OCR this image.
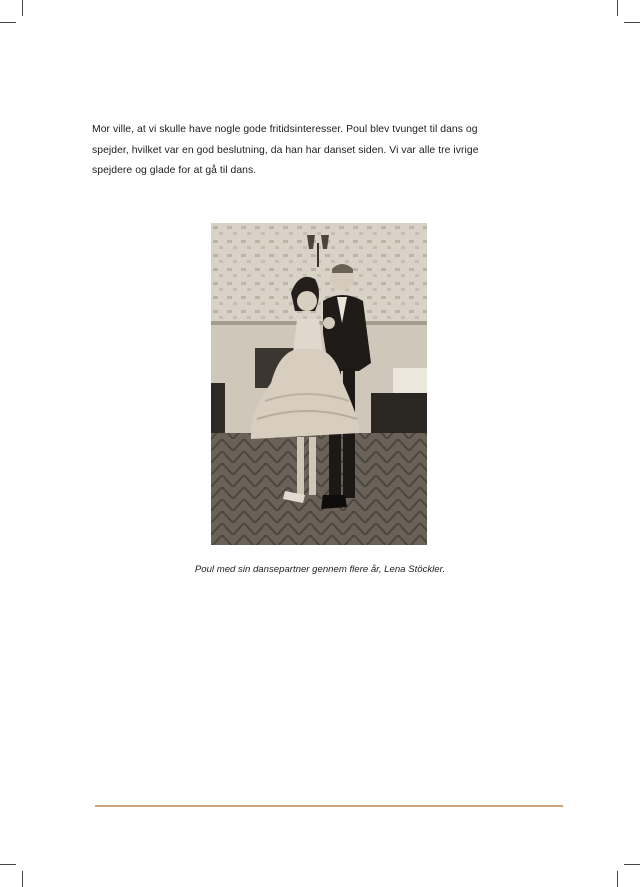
Mor ville, at vi skulle have nogle gode fritidsinteresser. Poul blev tvunget til dans og
spejder, hvilket var en god beslutning, da han har danset siden. Vi var alle tre ivrige
spejdere og glade for at gå til dans.
Poul med sin dansepartner gennem flere år, Lena Stöckler.
